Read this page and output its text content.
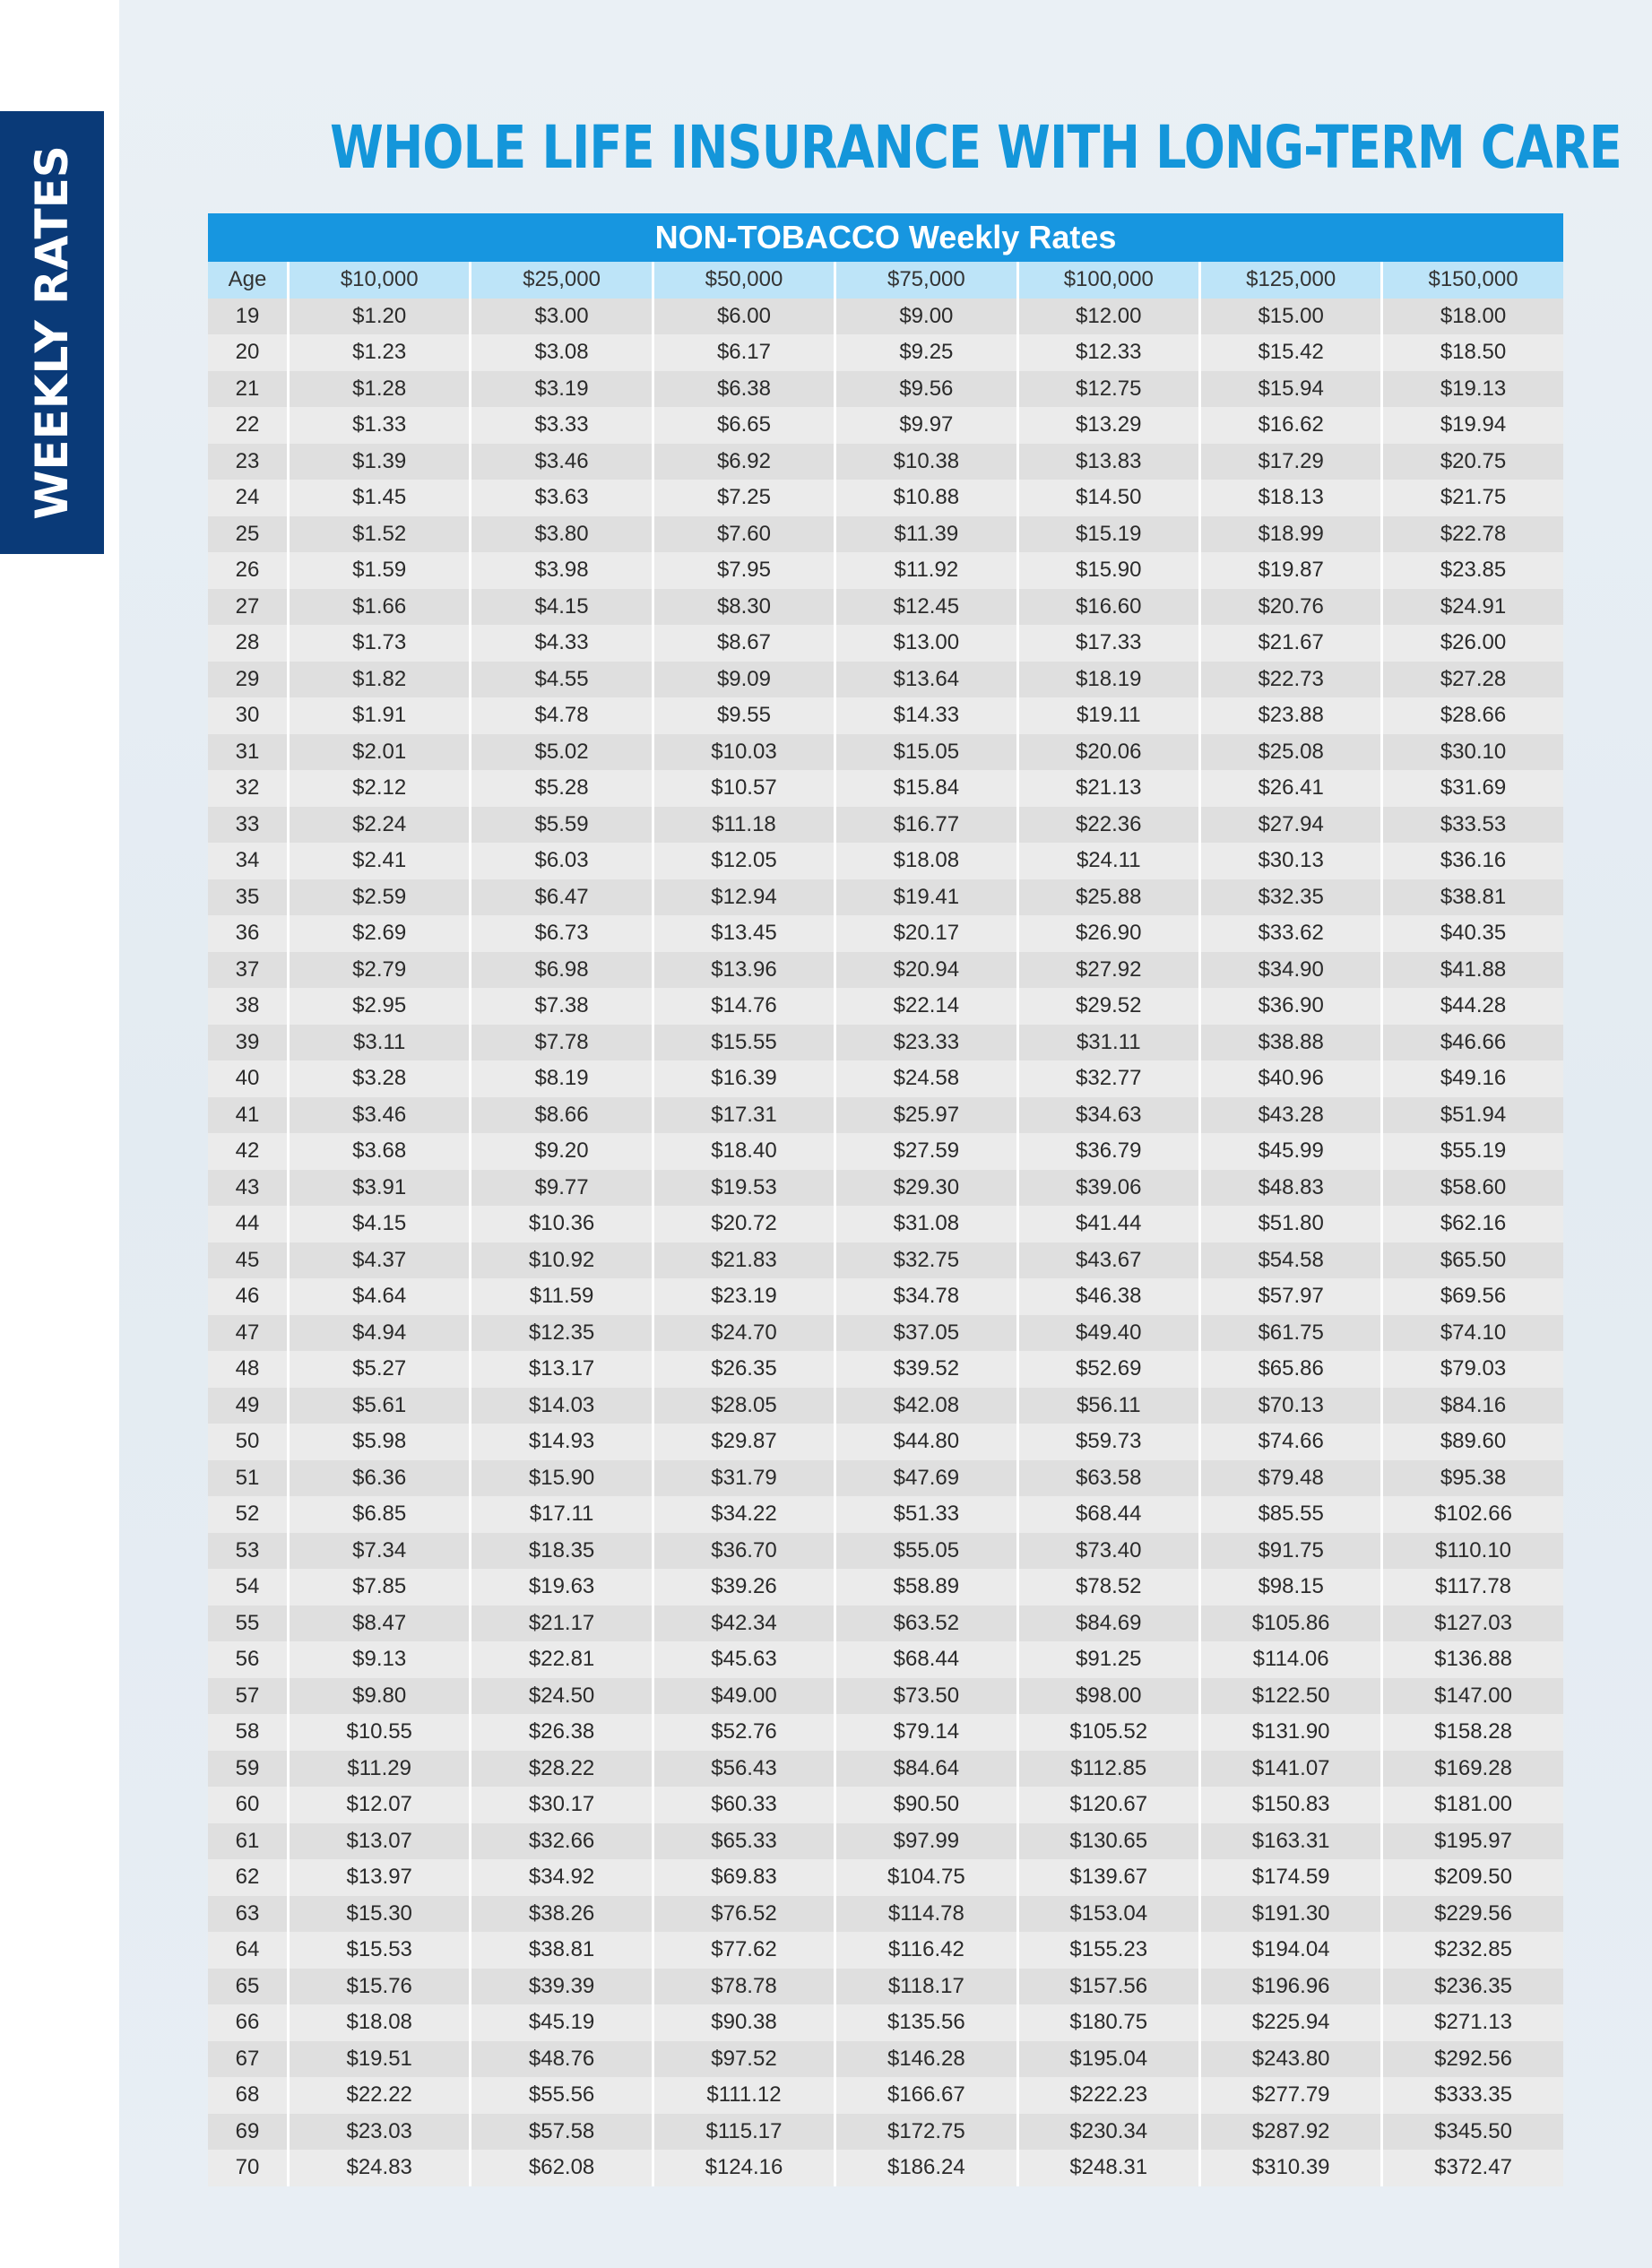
WEEKLY RATES	WHOLE LIFE INSURANCE WITH LONG-TERM CARE
NON-TOBACCO Weekly Rates
Age	$10,000	$25,000	$50,000	$75,000	$100,000	$125,000	$150,000
19	$1.20	$3.00	$6.00	$9.00	$12.00	$15.00	$18.00
20	$1.23	$3.08	$6.17	$9.25	$12.33	$15.42	$18.50
21	$1.28	$3.19	$6.38	$9.56	$12.75	$15.94	$19.13
22	$1.33	$3.33	$6.65	$9.97	$13.29	$16.62	$19.94
23	$1.39	$3.46	$6.92	$10.38	$13.83	$17.29	$20.75
24	$1.45	$3.63	$7.25	$10.88	$14.50	$18.13	$21.75
25	$1.52	$3.80	$7.60	$11.39	$15.19	$18.99	$22.78
26	$1.59	$3.98	$7.95	$11.92	$15.90	$19.87	$23.85
27	$1.66	$4.15	$8.30	$12.45	$16.60	$20.76	$24.91
28	$1.73	$4.33	$8.67	$13.00	$17.33	$21.67	$26.00
29	$1.82	$4.55	$9.09	$13.64	$18.19	$22.73	$27.28
30	$1.91	$4.78	$9.55	$14.33	$19.11	$23.88	$28.66
31	$2.01	$5.02	$10.03	$15.05	$20.06	$25.08	$30.10
32	$2.12	$5.28	$10.57	$15.84	$21.13	$26.41	$31.69
33	$2.24	$5.59	$11.18	$16.77	$22.36	$27.94	$33.53
34	$2.41	$6.03	$12.05	$18.08	$24.11	$30.13	$36.16
35	$2.59	$6.47	$12.94	$19.41	$25.88	$32.35	$38.81
36	$2.69	$6.73	$13.45	$20.17	$26.90	$33.62	$40.35
37	$2.79	$6.98	$13.96	$20.94	$27.92	$34.90	$41.88
38	$2.95	$7.38	$14.76	$22.14	$29.52	$36.90	$44.28
39	$3.11	$7.78	$15.55	$23.33	$31.11	$38.88	$46.66
40	$3.28	$8.19	$16.39	$24.58	$32.77	$40.96	$49.16
41	$3.46	$8.66	$17.31	$25.97	$34.63	$43.28	$51.94
42	$3.68	$9.20	$18.40	$27.59	$36.79	$45.99	$55.19
43	$3.91	$9.77	$19.53	$29.30	$39.06	$48.83	$58.60
44	$4.15	$10.36	$20.72	$31.08	$41.44	$51.80	$62.16
45	$4.37	$10.92	$21.83	$32.75	$43.67	$54.58	$65.50
46	$4.64	$11.59	$23.19	$34.78	$46.38	$57.97	$69.56
47	$4.94	$12.35	$24.70	$37.05	$49.40	$61.75	$74.10
48	$5.27	$13.17	$26.35	$39.52	$52.69	$65.86	$79.03
49	$5.61	$14.03	$28.05	$42.08	$56.11	$70.13	$84.16
50	$5.98	$14.93	$29.87	$44.80	$59.73	$74.66	$89.60
51	$6.36	$15.90	$31.79	$47.69	$63.58	$79.48	$95.38
52	$6.85	$17.11	$34.22	$51.33	$68.44	$85.55	$102.66
53	$7.34	$18.35	$36.70	$55.05	$73.40	$91.75	$110.10
54	$7.85	$19.63	$39.26	$58.89	$78.52	$98.15	$117.78
55	$8.47	$21.17	$42.34	$63.52	$84.69	$105.86	$127.03
56	$9.13	$22.81	$45.63	$68.44	$91.25	$114.06	$136.88
57	$9.80	$24.50	$49.00	$73.50	$98.00	$122.50	$147.00
58	$10.55	$26.38	$52.76	$79.14	$105.52	$131.90	$158.28
59	$11.29	$28.22	$56.43	$84.64	$112.85	$141.07	$169.28
60	$12.07	$30.17	$60.33	$90.50	$120.67	$150.83	$181.00
61	$13.07	$32.66	$65.33	$97.99	$130.65	$163.31	$195.97
62	$13.97	$34.92	$69.83	$104.75	$139.67	$174.59	$209.50
63	$15.30	$38.26	$76.52	$114.78	$153.04	$191.30	$229.56
64	$15.53	$38.81	$77.62	$116.42	$155.23	$194.04	$232.85
65	$15.76	$39.39	$78.78	$118.17	$157.56	$196.96	$236.35
66	$18.08	$45.19	$90.38	$135.56	$180.75	$225.94	$271.13
67	$19.51	$48.76	$97.52	$146.28	$195.04	$243.80	$292.56
68	$22.22	$55.56	$111.12	$166.67	$222.23	$277.79	$333.35
69	$23.03	$57.58	$115.17	$172.75	$230.34	$287.92	$345.50
70	$24.83	$62.08	$124.16	$186.24	$248.31	$310.39	$372.47
